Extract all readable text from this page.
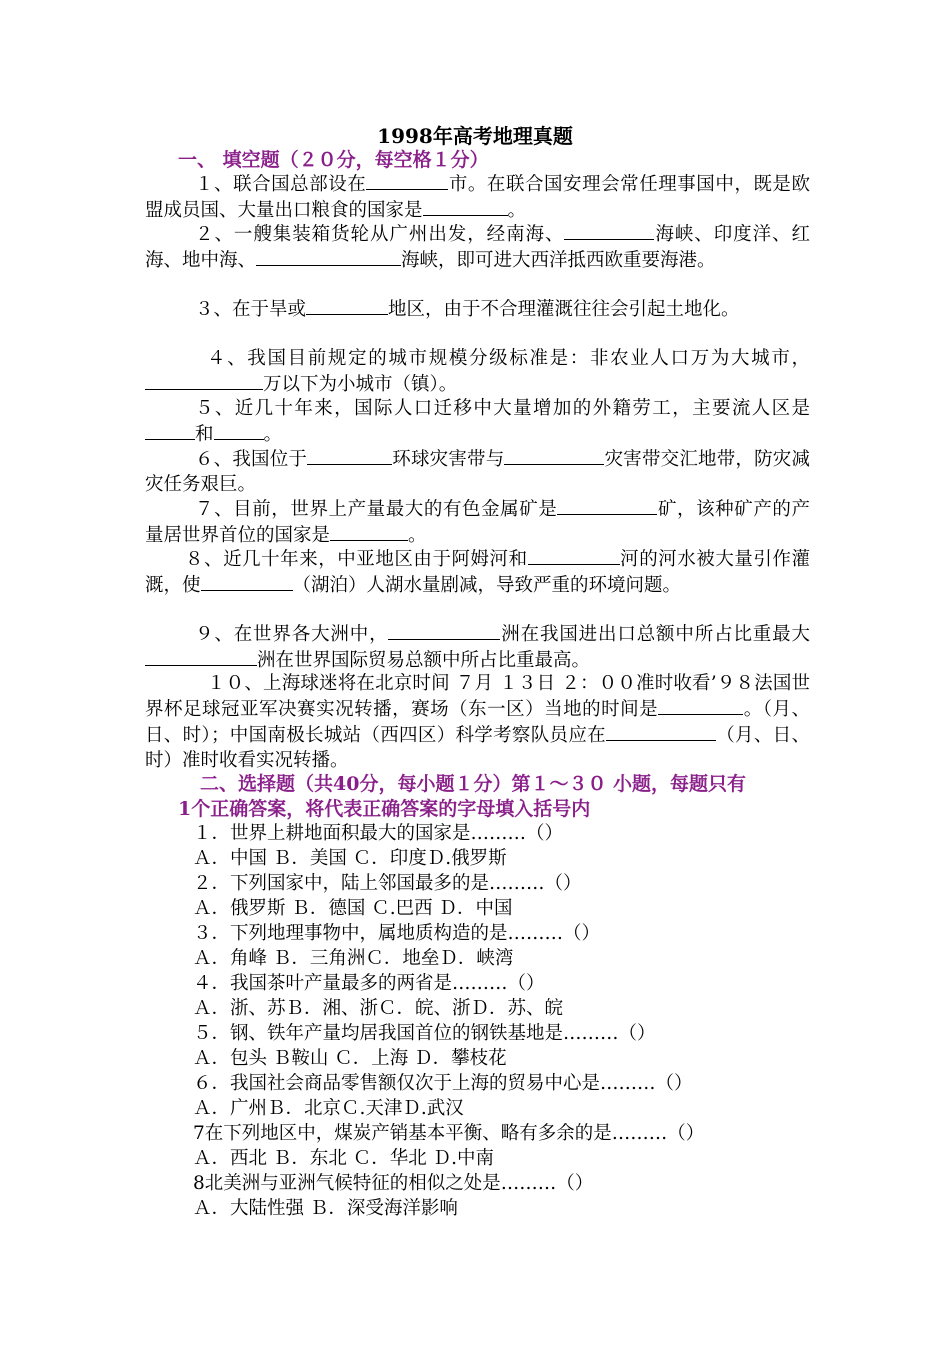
1998年高考地理真题
一、 填空题（２０分，每空格１分）
１、联合国总部设在	市。在联合国安理会常任理事国中，既是欧盟成员国、大量出口粮食的国家是	。
２、一艘集装箱货轮从广州出发，经南海、	海峡、印度洋、红海、地中海、	海峡，即可进大西洋抵西欧重要海港。
３、在于旱或	地区，由于不合理灌溉往往会引起土地化。
４、我国目前规定的城市规模分级标准是：非农业人口万为大城市，万以下为小城市（镇）。
５、近几十年来，国际人口迁移中大量增加的外籍劳工，主要流人区是和	。
６、我国位于	环球灾害带与	灾害带交汇地带，防灾减灾任务艰巨。
７、目前，世界上产量最大的有色金属矿是	矿，该种矿产的产量居世界首位的国家是	。
８、近几十年来，中亚地区由于阿姆河和	河的河水被大量引作灌溉，使	（湖泊）人湖水量剧减，导致严重的环境问题。
９、在世界各大洲中，	洲在我国进出口总额中所占比重最大洲在世界国际贸易总额中所占比重最高。
１０、上海球迷将在北京时间 ７月 １３日 ２：００准时收看’９８法国世界杯足球冠亚军决赛实况转播，赛场（东一区）当地的时间是	。（月、日、时）；中国南极长城站（西四区）科学考察队员应在	（月、日、时）准时收看实况转播。
二、选择题（共40分，每小题１分）第１～３０ 小题，每题只有
1个正确答案，将代表正确答案的字母填入括号内
１．世界上耕地面积最大的国家是………（）
Ａ．中国 Ｂ．美国 Ｃ．印度Ｄ.俄罗斯
２．下列国家中，陆上邻国最多的是………（）
Ａ．俄罗斯 Ｂ．德国 Ｃ.巴西 Ｄ．中国
３．下列地理事物中，属地质构造的是………（）
Ａ．角峰 Ｂ．三角洲Ｃ．地垒Ｄ．峡湾
４．我国茶叶产量最多的两省是………（）
Ａ．浙、苏Ｂ．湘、浙Ｃ．皖、浙Ｄ．苏、皖
５．钢、铁年产量均居我国首位的钢铁基地是………（）
Ａ．包头 Ｂ鞍山 Ｃ．上海 Ｄ．攀枝花
６．我国社会商品零售额仅次于上海的贸易中心是………（）
Ａ．广州Ｂ．北京Ｃ.天津Ｄ.武汉
7在下列地区中，煤炭产销基本平衡、略有多余的是………（）
Ａ．西北 Ｂ．东北 Ｃ．华北 Ｄ.中南
8北美洲与亚洲气候特征的相似之处是………（）
Ａ．大陆性强 Ｂ．深受海洋影响
